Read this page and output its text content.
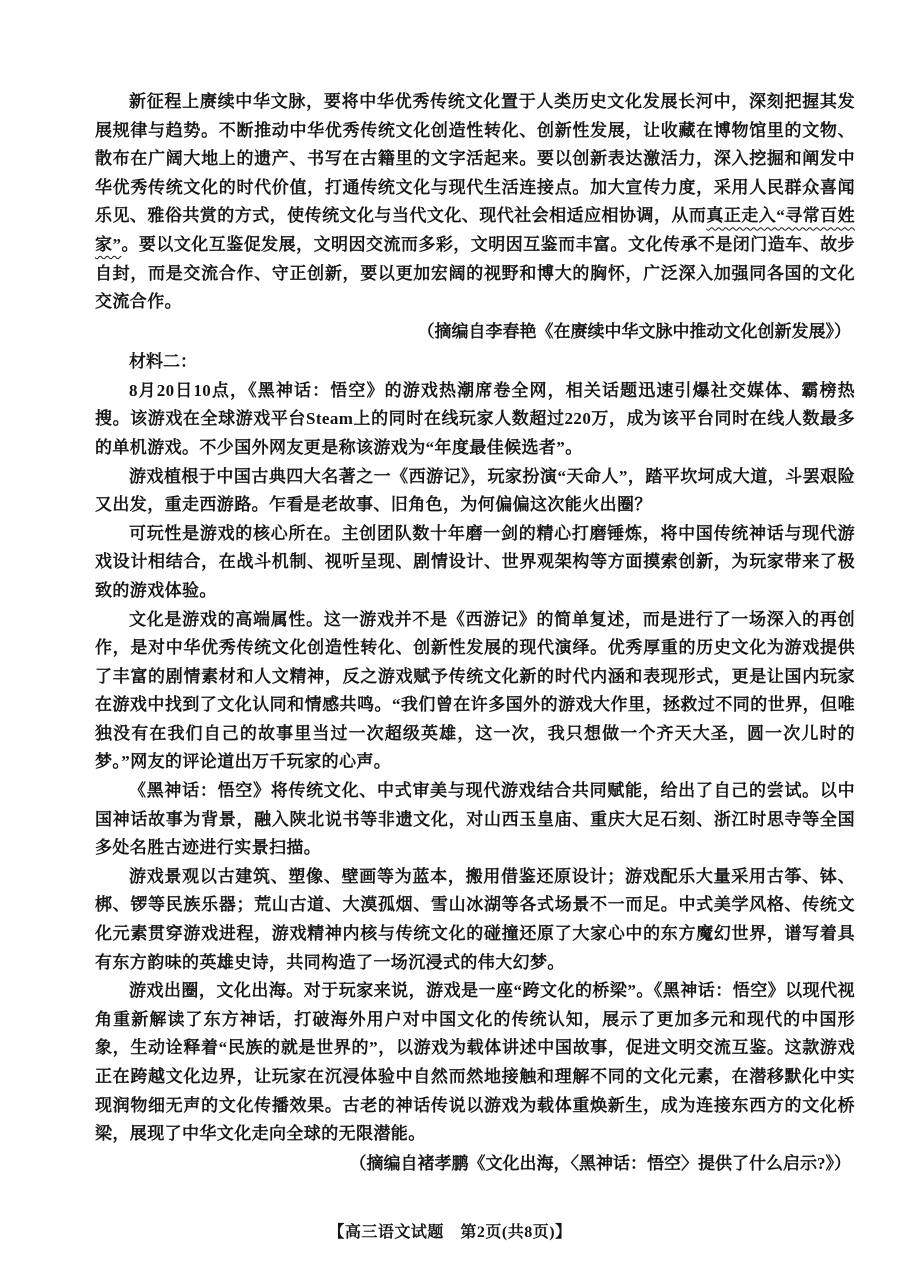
新征程上赓续中华文脉，要将中华优秀传统文化置于人类历史文化发展长河中，深刻把握其发展规律与趋势。不断推动中华优秀传统文化创造性转化、创新性发展，让收藏在博物馆里的文物、散布在广阔大地上的遗产、书写在古籍里的文字活起来。要以创新表达激活力，深入挖掘和阐发中华优秀传统文化的时代价值，打通传统文化与现代生活连接点。加大宣传力度，采用人民群众喜闻乐见、雅俗共赏的方式，使传统文化与当代文化、现代社会相适应相协调，从而真正走入“寻常百姓家”。要以文化互鉴促发展，文明因交流而多彩，文明因互鉴而丰富。文化传承不是闭门造车、故步自封，而是交流合作、守正创新，要以更加宏阔的视野和博大的胸怀，广泛深入加强同各国的文化交流合作。

（摘编自李春艳《在赓续中华文脉中推动文化创新发展》）

材料二：

8月20日10点，《黑神话：悟空》的游戏热潮席卷全网，相关话题迅速引爆社交媒体、霸榜热搜。该游戏在全球游戏平台Steam上的同时在线玩家人数超过220万，成为该平台同时在线人数最多的单机游戏。不少国外网友更是称该游戏为“年度最佳候选者”。

游戏植根于中国古典四大名著之一《西游记》，玩家扮演“天命人”，踏平坎坷成大道，斗罢艰险又出发，重走西游路。乍看是老故事、旧角色，为何偏偏这次能火出圈？

可玩性是游戏的核心所在。主创团队数十年磨一剑的精心打磨锤炼，将中国传统神话与现代游戏设计相结合，在战斗机制、视听呈现、剧情设计、世界观架构等方面摸索创新，为玩家带来了极致的游戏体验。

文化是游戏的高端属性。这一游戏并不是《西游记》的简单复述，而是进行了一场深入的再创作，是对中华优秀传统文化创造性转化、创新性发展的现代演绎。优秀厚重的历史文化为游戏提供了丰富的剧情素材和人文精神，反之游戏赋予传统文化新的时代内涵和表现形式，更是让国内玩家在游戏中找到了文化认同和情感共鸣。“我们曾在许多国外的游戏大作里，拯救过不同的世界，但唯独没有在我们自己的故事里当过一次超级英雄，这一次，我只想做一个齐天大圣，圆一次儿时的梦。”网友的评论道出万千玩家的心声。

《黑神话：悟空》将传统文化、中式审美与现代游戏结合共同赋能，给出了自己的尝试。以中国神话故事为背景，融入陕北说书等非遗文化，对山西玉皇庙、重庆大足石刻、浙江时思寺等全国多处名胜古迹进行实景扫描。

游戏景观以古建筑、塑像、壁画等为蓝本，搬用借鉴还原设计；游戏配乐大量采用古筝、钵、梆、锣等民族乐器；荒山古道、大漠孤烟、雪山冰湖等各式场景不一而足。中式美学风格、传统文化元素贯穿游戏进程，游戏精神内核与传统文化的碰撞还原了大家心中的东方魔幻世界，谱写着具有东方韵味的英雄史诗，共同构造了一场沉浸式的伟大幻梦。

游戏出圈，文化出海。对于玩家来说，游戏是一座“跨文化的桥梁”。《黑神话：悟空》以现代视角重新解读了东方神话，打破海外用户对中国文化的传统认知，展示了更加多元和现代的中国形象，生动诠释着“民族的就是世界的”，以游戏为载体讲述中国故事，促进文明交流互鉴。这款游戏正在跨越文化边界，让玩家在沉浸体验中自然而然地接触和理解不同的文化元素，在潜移默化中实现润物细无声的文化传播效果。古老的神话传说以游戏为载体重焕新生，成为连接东西方的文化桥梁，展现了中华文化走向全球的无限潜能。

（摘编自褚孝鹏《文化出海，〈黑神话：悟空〉提供了什么启示?》）

【高三语文试题　第2页(共8页)】
